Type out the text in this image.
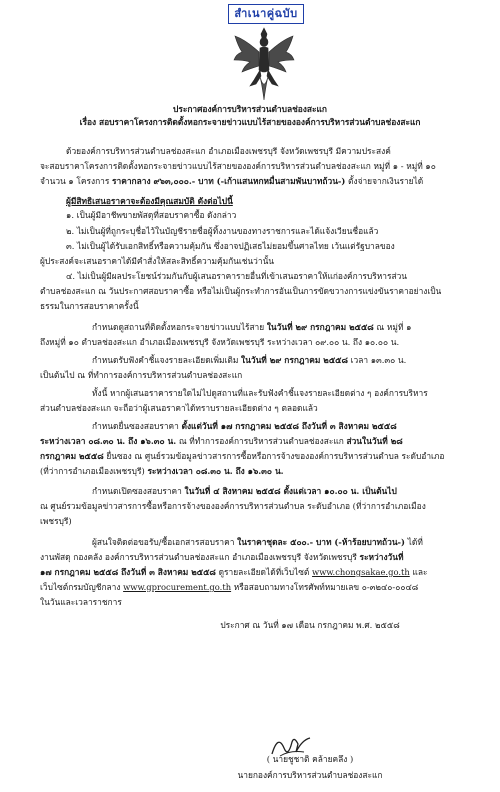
สำเนาคู่ฉบับ
ประกาศองค์การบริหารส่วนตำบลช่องสะแก
เรื่อง สอบราคาโครงการติดตั้งหอกระจายข่าวแบบไร้สายขององค์การบริหารส่วนตำบลช่องสะแก
ด้วยองค์การบริหารส่วนตำบลช่องสะแก อำเภอเมืองเพชรบุรี จังหวัดเพชรบุรี มีความประสงค์
จะสอบราคาโครงการติดตั้งหอกระจายข่าวแบบไร้สายขององค์การบริหารส่วนตำบลช่องสะแก หมู่ที่ ๑ - หมู่ที่ ๑๐
จำนวน ๑ โครงการ ราคากลาง ๙๖๓,๐๐๐.- บาท (-เก้าแสนหกหมื่นสามพันบาทถ้วน-) ตั้งจ่ายจากเงินรายได้
ผู้มีสิทธิเสนอราคาจะต้องมีคุณสมบัติ ดังต่อไปนี้
๑. เป็นผู้มีอาชีพขายพัสดุที่สอบราคาซื้อ ดังกล่าว
๒. ไม่เป็นผู้ที่ถูกระบุชื่อไว้ในบัญชีรายชื่อผู้ทิ้งงานของทางราชการและได้แจ้งเวียนชื่อแล้ว
๓. ไม่เป็นผู้ได้รับเอกสิทธิ์หรือความคุ้มกัน ซึ่งอาจปฏิเสธไม่ยอมขึ้นศาลไทย เว้นแต่รัฐบาลของ
ผู้ประสงค์จะเสนอราคาได้มีคำสั่งให้สละสิทธิ์ความคุ้มกันเช่นว่านั้น
๔. ไม่เป็นผู้มีผลประโยชน์ร่วมกันกับผู้เสนอราคารายอื่นที่เข้าเสนอราคาให้แก่องค์การบริหารส่วน
ตำบลช่องสะแก ณ วันประกาศสอบราคาซื้อ หรือไม่เป็นผู้กระทำการอันเป็นการขัดขวางการแข่งขันราคาอย่างเป็น
ธรรมในการสอบราคาครั้งนี้
กำหนดดูสถานที่ติดตั้งหอกระจายข่าวแบบไร้สาย ในวันที่ ๒๙ กรกฎาคม ๒๕๕๘ ณ หมู่ที่ ๑
ถึงหมู่ที่ ๑๐ ตำบลช่องสะแก อำเภอเมืองเพชรบุรี จังหวัดเพชรบุรี ระหว่างเวลา ๐๙.๐๐ น. ถึง ๑๐.๐๐ น.
กำหนดรับฟังคำชี้แจงรายละเอียดเพิ่มเติม ในวันที่ ๒๙ กรกฎาคม ๒๕๕๘ เวลา ๑๓.๓๐ น.
เป็นต้นไป ณ ที่ทำการองค์การบริหารส่วนตำบลช่องสะแก
ทั้งนี้ หากผู้เสนอราคารายใดไม่ไปดูสถานที่และรับฟังคำชี้แจงรายละเอียดต่าง ๆ องค์การบริหาร
ส่วนตำบลช่องสะแก จะถือว่าผู้เสนอราคาได้ทราบรายละเอียดต่าง ๆ ตลอดแล้ว
กำหนดยื่นซองสอบราคา ตั้งแต่วันที่ ๑๗ กรกฎาคม ๒๕๕๘ ถึงวันที่ ๓ สิงหาคม ๒๕๕๘
ระหว่างเวลา ๐๘.๓๐ น. ถึง ๑๖.๓๐ น. ณ ที่ทำการองค์การบริหารส่วนตำบลช่องสะแก ส่วนในวันที่ ๒๘
กรกฎาคม ๒๕๕๘ ยื่นซอง ณ ศูนย์รวมข้อมูลข่าวสารการซื้อหรือการจ้างขององค์การบริหารส่วนตำบล ระดับอำเภอ
(ที่ว่าการอำเภอเมืองเพชรบุรี) ระหว่างเวลา ๐๘.๓๐ น. ถึง ๑๖.๓๐ น.
กำหนดเปิดซองสอบราคา ในวันที่ ๔ สิงหาคม ๒๕๕๘ ตั้งแต่เวลา ๑๐.๐๐ น. เป็นต้นไป
ณ ศูนย์รวมข้อมูลข่าวสารการซื้อหรือการจ้างขององค์การบริหารส่วนตำบล ระดับอำเภอ (ที่ว่าการอำเภอเมือง
เพชรบุรี)
ผู้สนใจติดต่อขอรับ/ซื้อเอกสารสอบราคา ในราคาชุดละ ๕๐๐.- บาท (-ห้าร้อยบาทถ้วน-) ได้ที่
งานพัสดุ กองคลัง องค์การบริหารส่วนตำบลช่องสะแก อำเภอเมืองเพชรบุรี จังหวัดเพชรบุรี ระหว่างวันที่
๑๗ กรกฎาคม ๒๕๕๘ ถึงวันที่ ๓ สิงหาคม ๒๕๕๘ ดูรายละเอียดได้ที่เว็บไซต์ www.chongsakae.go.th และ
เว็บไซต์กรมบัญชีกลาง www.gprocurement.go.th หรือสอบถามทางโทรศัพท์หมายเลข ๐-๓๒๔๐-๐๐๔๘
ในวันและเวลาราชการ
ประกาศ ณ วันที่ ๑๗ เดือน กรกฎาคม พ.ศ. ๒๕๕๘
( นายชูชาติ คล้ายคลึง )
นายกองค์การบริหารส่วนตำบลช่องสะแก
